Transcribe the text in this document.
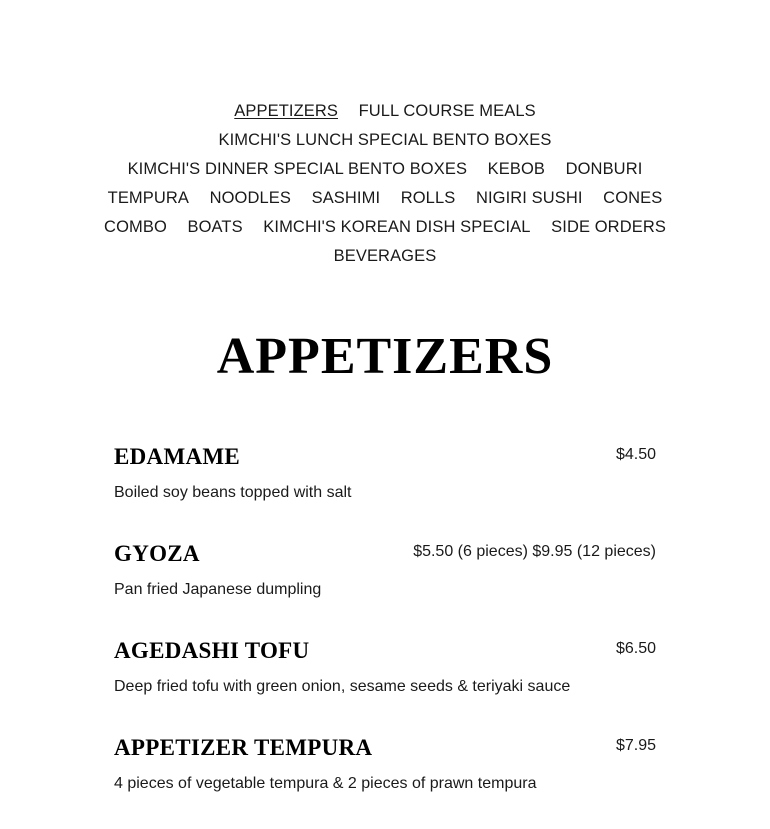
APPETIZERS FULL COURSE MEALS
KIMCHI'S LUNCH SPECIAL BENTO BOXES
KIMCHI'S DINNER SPECIAL BENTO BOXES KEBOB DONBURI
TEMPURA NOODLES SASHIMI ROLLS NIGIRI SUSHI CONES
COMBO BOATS KIMCHI'S KOREAN DISH SPECIAL SIDE ORDERS
BEVERAGES
APPETIZERS
EDAMAME	$4.50
Boiled soy beans topped with salt
GYOZA	$5.50 (6 pieces) $9.95 (12 pieces)
Pan fried Japanese dumpling
AGEDASHI TOFU	$6.50
Deep fried tofu with green onion, sesame seeds & teriyaki sauce
APPETIZER TEMPURA	$7.95
4 pieces of vegetable tempura & 2 pieces of prawn tempura
